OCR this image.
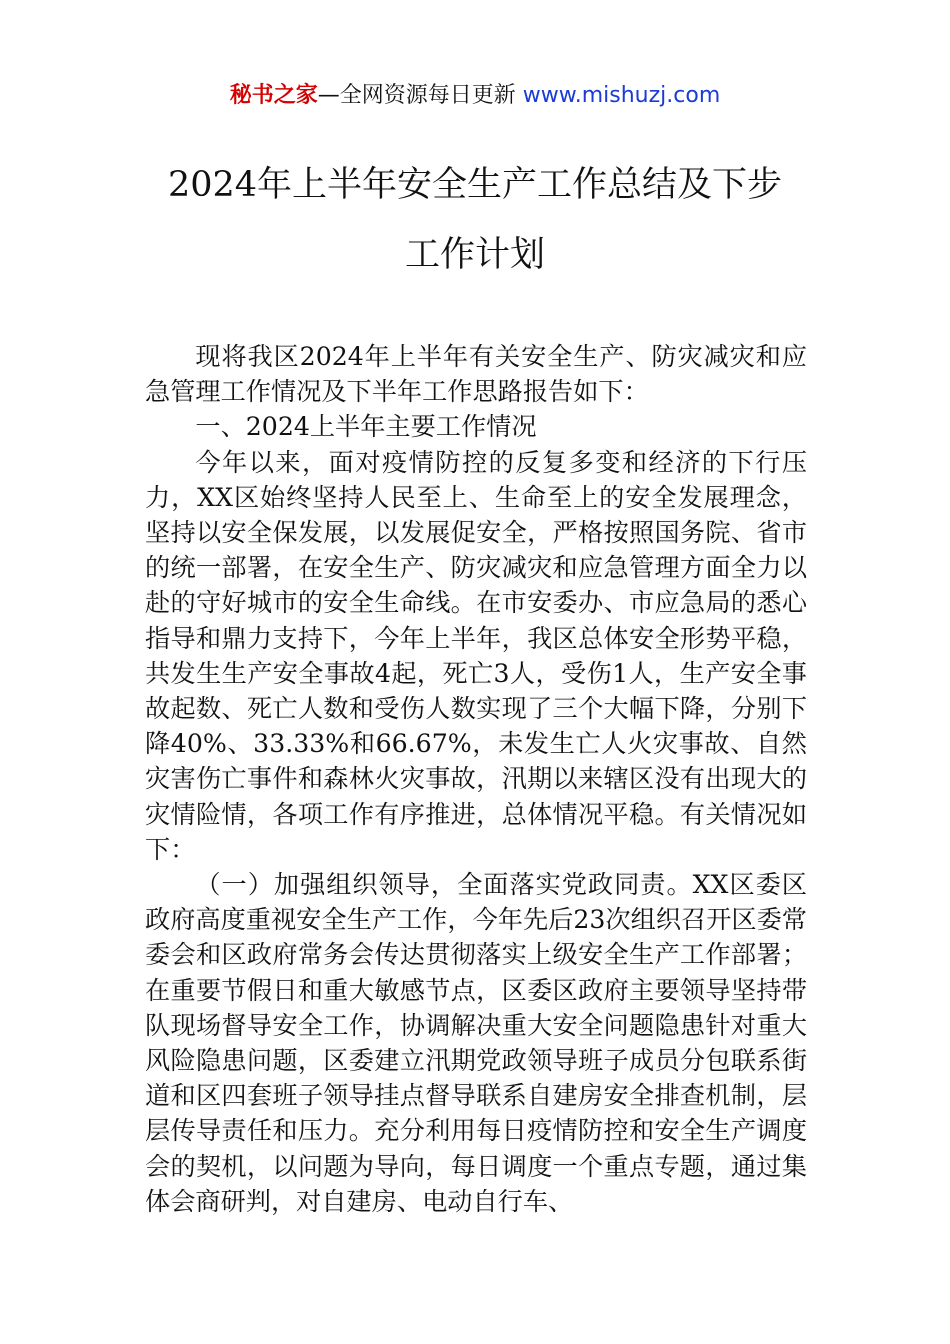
秘书之家—全网资源每日更新 www.mishuzj.com
2024年上半年安全生产工作总结及下步
工作计划

现将我区2024年上半年有关安全生产、防灾减灾和应急管理工作情况及下半年工作思路报告如下：

一、2024上半年主要工作情况

今年以来，面对疫情防控的反复多变和经济的下行压力，XX区始终坚持人民至上、生命至上的安全发展理念，坚持以安全保发展，以发展促安全，严格按照国务院、省市的统一部署，在安全生产、防灾减灾和应急管理方面全力以赴的守好城市的安全生命线。在市安委办、市应急局的悉心指导和鼎力支持下，今年上半年，我区总体安全形势平稳，共发生生产安全事故4起，死亡3人，受伤1人，生产安全事故起数、死亡人数和受伤人数实现了三个大幅下降，分别下降40%、33.33%和66.67%，未发生亡人火灾事故、自然灾害伤亡事件和森林火灾事故，汛期以来辖区没有出现大的灾情险情，各项工作有序推进，总体情况平稳。有关情况如下：

（一）加强组织领导，全面落实党政同责。XX区委区政府高度重视安全生产工作，今年先后23次组织召开区委常委会和区政府常务会传达贯彻落实上级安全生产工作部署；在重要节假日和重大敏感节点，区委区政府主要领导坚持带队现场督导安全工作，协调解决重大安全问题隐患针对重大风险隐患问题，区委建立汛期党政领导班子成员分包联系街道和区四套班子领导挂点督导联系自建房安全排查机制，层层传导责任和压力。充分利用每日疫情防控和安全生产调度会的契机，以问题为导向，每日调度一个重点专题，通过集体会商研判，对自建房、电动自行车、
